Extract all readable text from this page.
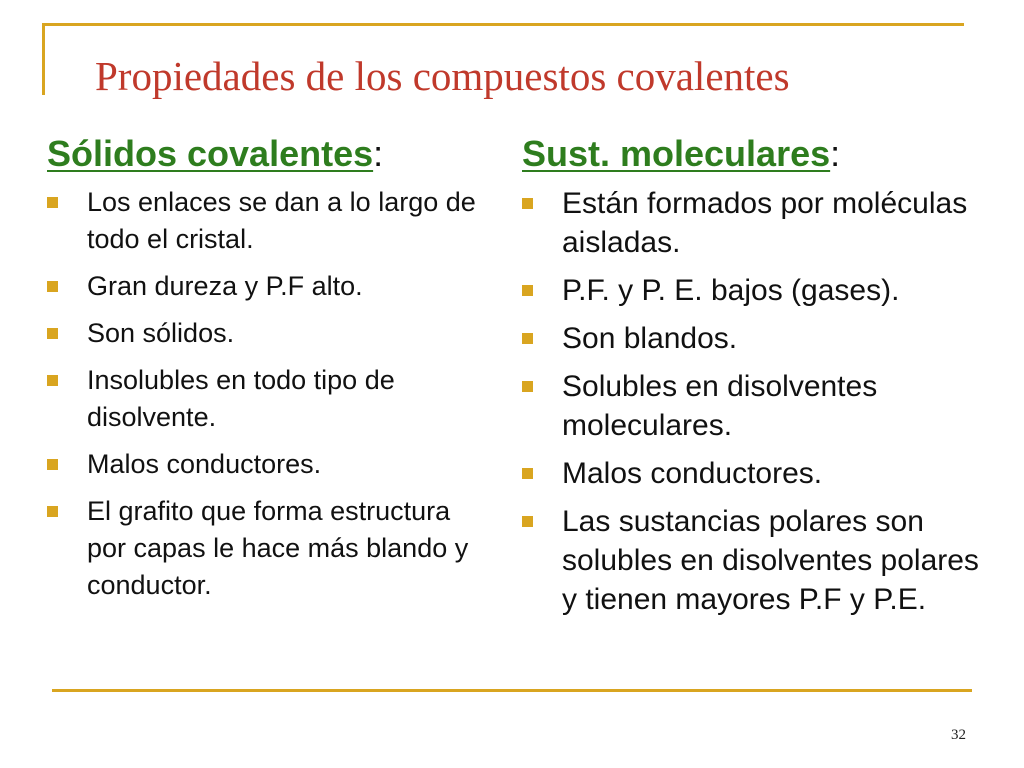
Propiedades de los compuestos covalentes
Sólidos covalentes:
Los enlaces se dan a lo largo de todo el cristal.
Gran dureza y P.F alto.
Son sólidos.
Insolubles en todo tipo de disolvente.
Malos conductores.
El grafito que forma estructura por capas le hace más blando y conductor.
Sust. moleculares:
Están formados por moléculas aisladas.
P.F. y P. E. bajos (gases).
Son blandos.
Solubles en disolventes moleculares.
Malos conductores.
Las sustancias polares son solubles en disolventes polares y tienen mayores P.F y P.E.
32
